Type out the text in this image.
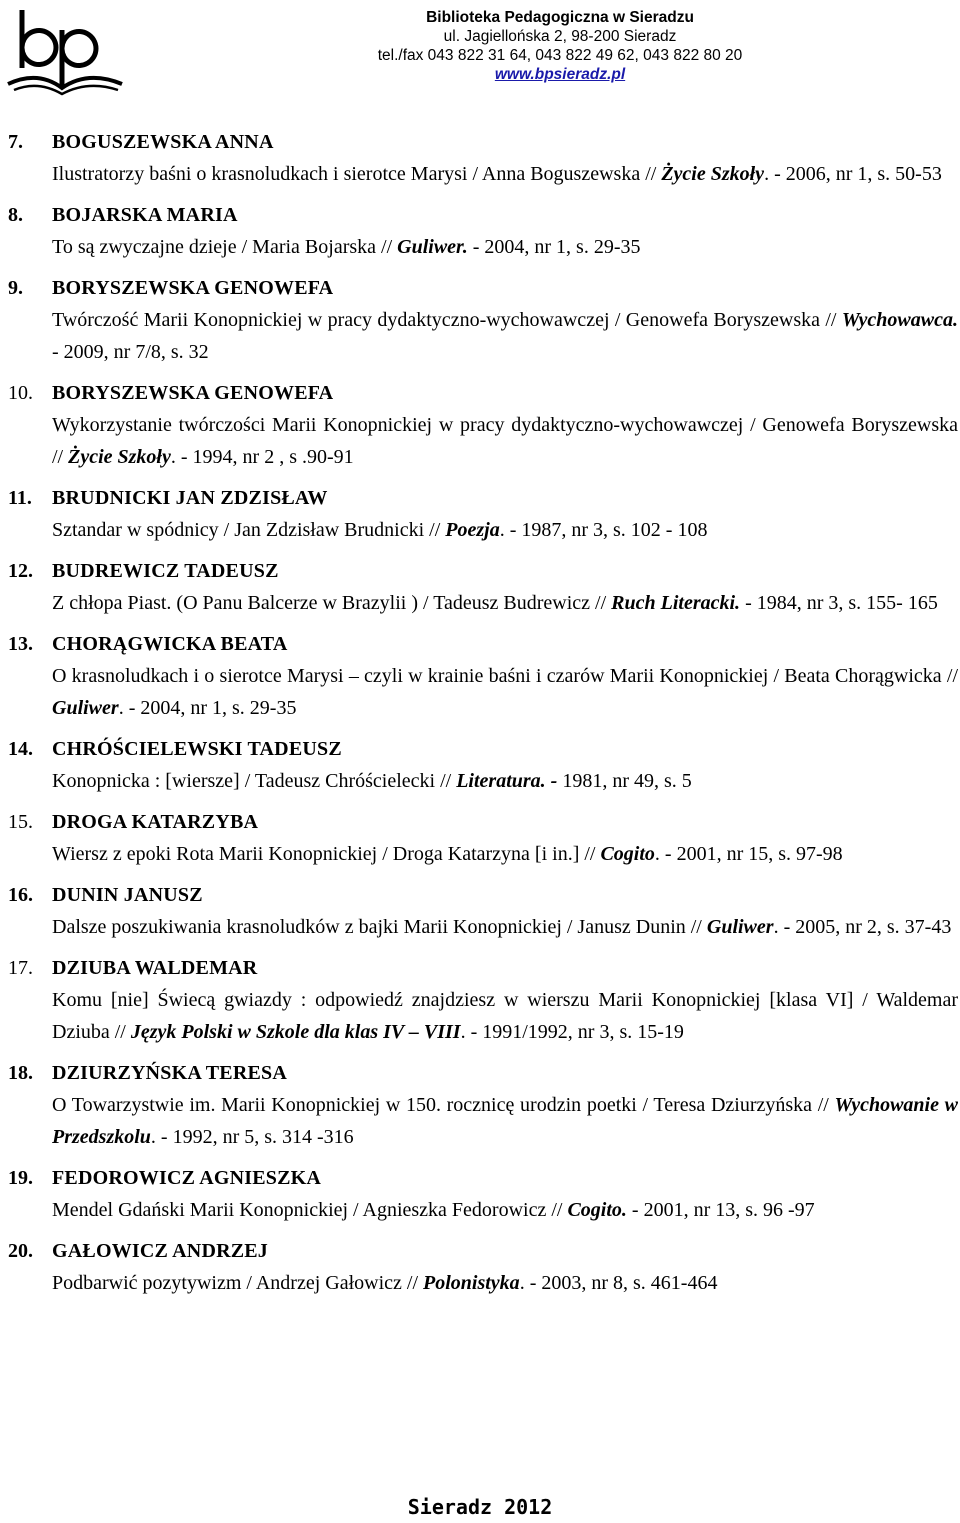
Biblioteka Pedagogiczna w Sieradzu
ul. Jagiellońska 2, 98-200 Sieradz
tel./fax 043 822 31 64, 043 822 49 62, 043 822 80 20
www.bpsieradz.pl
7. BOGUSZEWSKA ANNA
Ilustratorzy baśni o krasnoludkach i sierotce Marysi / Anna Boguszewska // Życie Szkoły. - 2006, nr 1, s. 50-53
8. BOJARSKA MARIA
To są zwyczajne dzieje / Maria Bojarska // Guliwer. - 2004, nr 1, s. 29-35
9. BORYSZEWSKA GENOWEFA
Twórczość Marii Konopnickiej w pracy dydaktyczno-wychowawczej / Genowefa Boryszewska // Wychowawca. - 2009, nr 7/8, s. 32
10. BORYSZEWSKA GENOWEFA
Wykorzystanie twórczości Marii Konopnickiej w pracy dydaktyczno-wychowawczej / Genowefa Boryszewska // Życie Szkoły. - 1994, nr 2 , s .90-91
11. BRUDNICKI JAN ZDZISŁAW
Sztandar w spódnicy / Jan Zdzisław Brudnicki // Poezja. - 1987, nr 3, s. 102 - 108
12. BUDREWICZ TADEUSZ
Z chłopa Piast. (O Panu Balcerze w Brazylii ) / Tadeusz Budrewicz // Ruch Literacki. - 1984, nr 3, s. 155- 165
13. CHORĄGWICKA BEATA
O krasnoludkach i o sierotce Marysi – czyli w krainie baśni i czarów Marii Konopnickiej / Beata Chorągwicka // Guliwer. - 2004, nr 1, s. 29-35
14. CHRÓŚCIELEWSKI TADEUSZ
Konopnicka : [wiersze] / Tadeusz Chróścielecki // Literatura. - 1981, nr 49, s. 5
15. DROGA KATARZYBA
Wiersz z epoki Rota Marii Konopnickiej / Droga Katarzyna [i in.] // Cogito. - 2001, nr 15, s. 97-98
16. DUNIN JANUSZ
Dalsze poszukiwania krasnoludków z bajki Marii Konopnickiej / Janusz Dunin // Guliwer. - 2005, nr 2, s. 37-43
17. DZIUBA WALDEMAR
Komu [nie] Świecą gwiazdy : odpowiedź znajdziesz w wierszu Marii Konopnickiej [klasa VI] / Waldemar Dziuba // Język Polski w Szkole dla klas IV – VIII. - 1991/1992, nr 3, s. 15-19
18. DZIURZYŃSKA TERESA
O Towarzystwie im. Marii Konopnickiej w 150. rocznicę urodzin poetki / Teresa Dziurzyńska // Wychowanie w Przedszkolu. - 1992, nr 5, s. 314 -316
19. FEDOROWICZ AGNIESZKA
Mendel Gdański Marii Konopnickiej / Agnieszka Fedorowicz // Cogito. - 2001, nr 13, s. 96 -97
20. GAŁOWICZ ANDRZEJ
Podbarwić pozytywizm / Andrzej Gałowicz // Polonistyka. - 2003, nr 8, s. 461-464
Sieradz 2012
